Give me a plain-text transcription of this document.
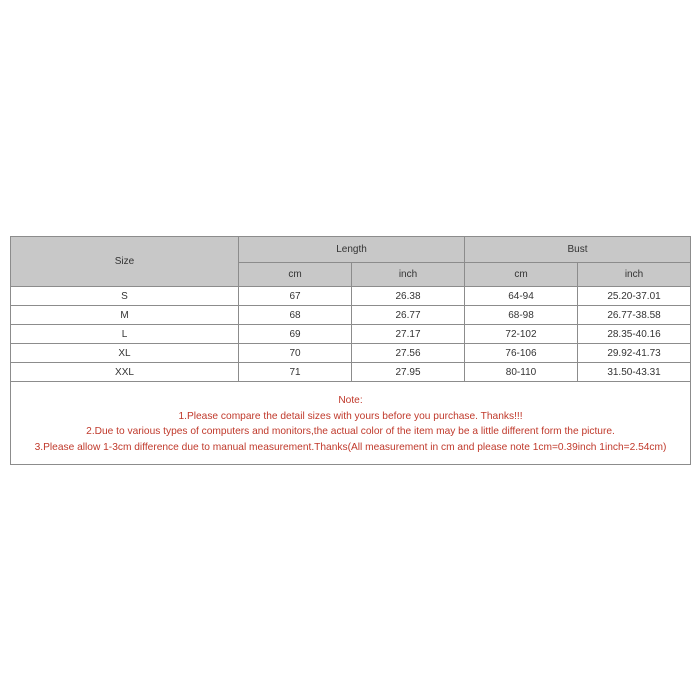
Size	Length		Bust	
	cm	inch	cm	inch
S	67	26.38	64-94	25.20-37.01
M	68	26.77	68-98	26.77-38.58
L	69	27.17	72-102	28.35-40.16
XL	70	27.56	76-106	29.92-41.73
XXL	71	27.95	80-110	31.50-43.31

Note:
1.Please compare the detail sizes with yours before you purchase. Thanks!!!
2.Due to various types of computers and monitors,the actual color of the item may be a little different form the picture.
3.Please allow 1-3cm difference due to manual measurement.Thanks(All measurement in cm and please note 1cm=0.39inch 1inch=2.54cm)				
